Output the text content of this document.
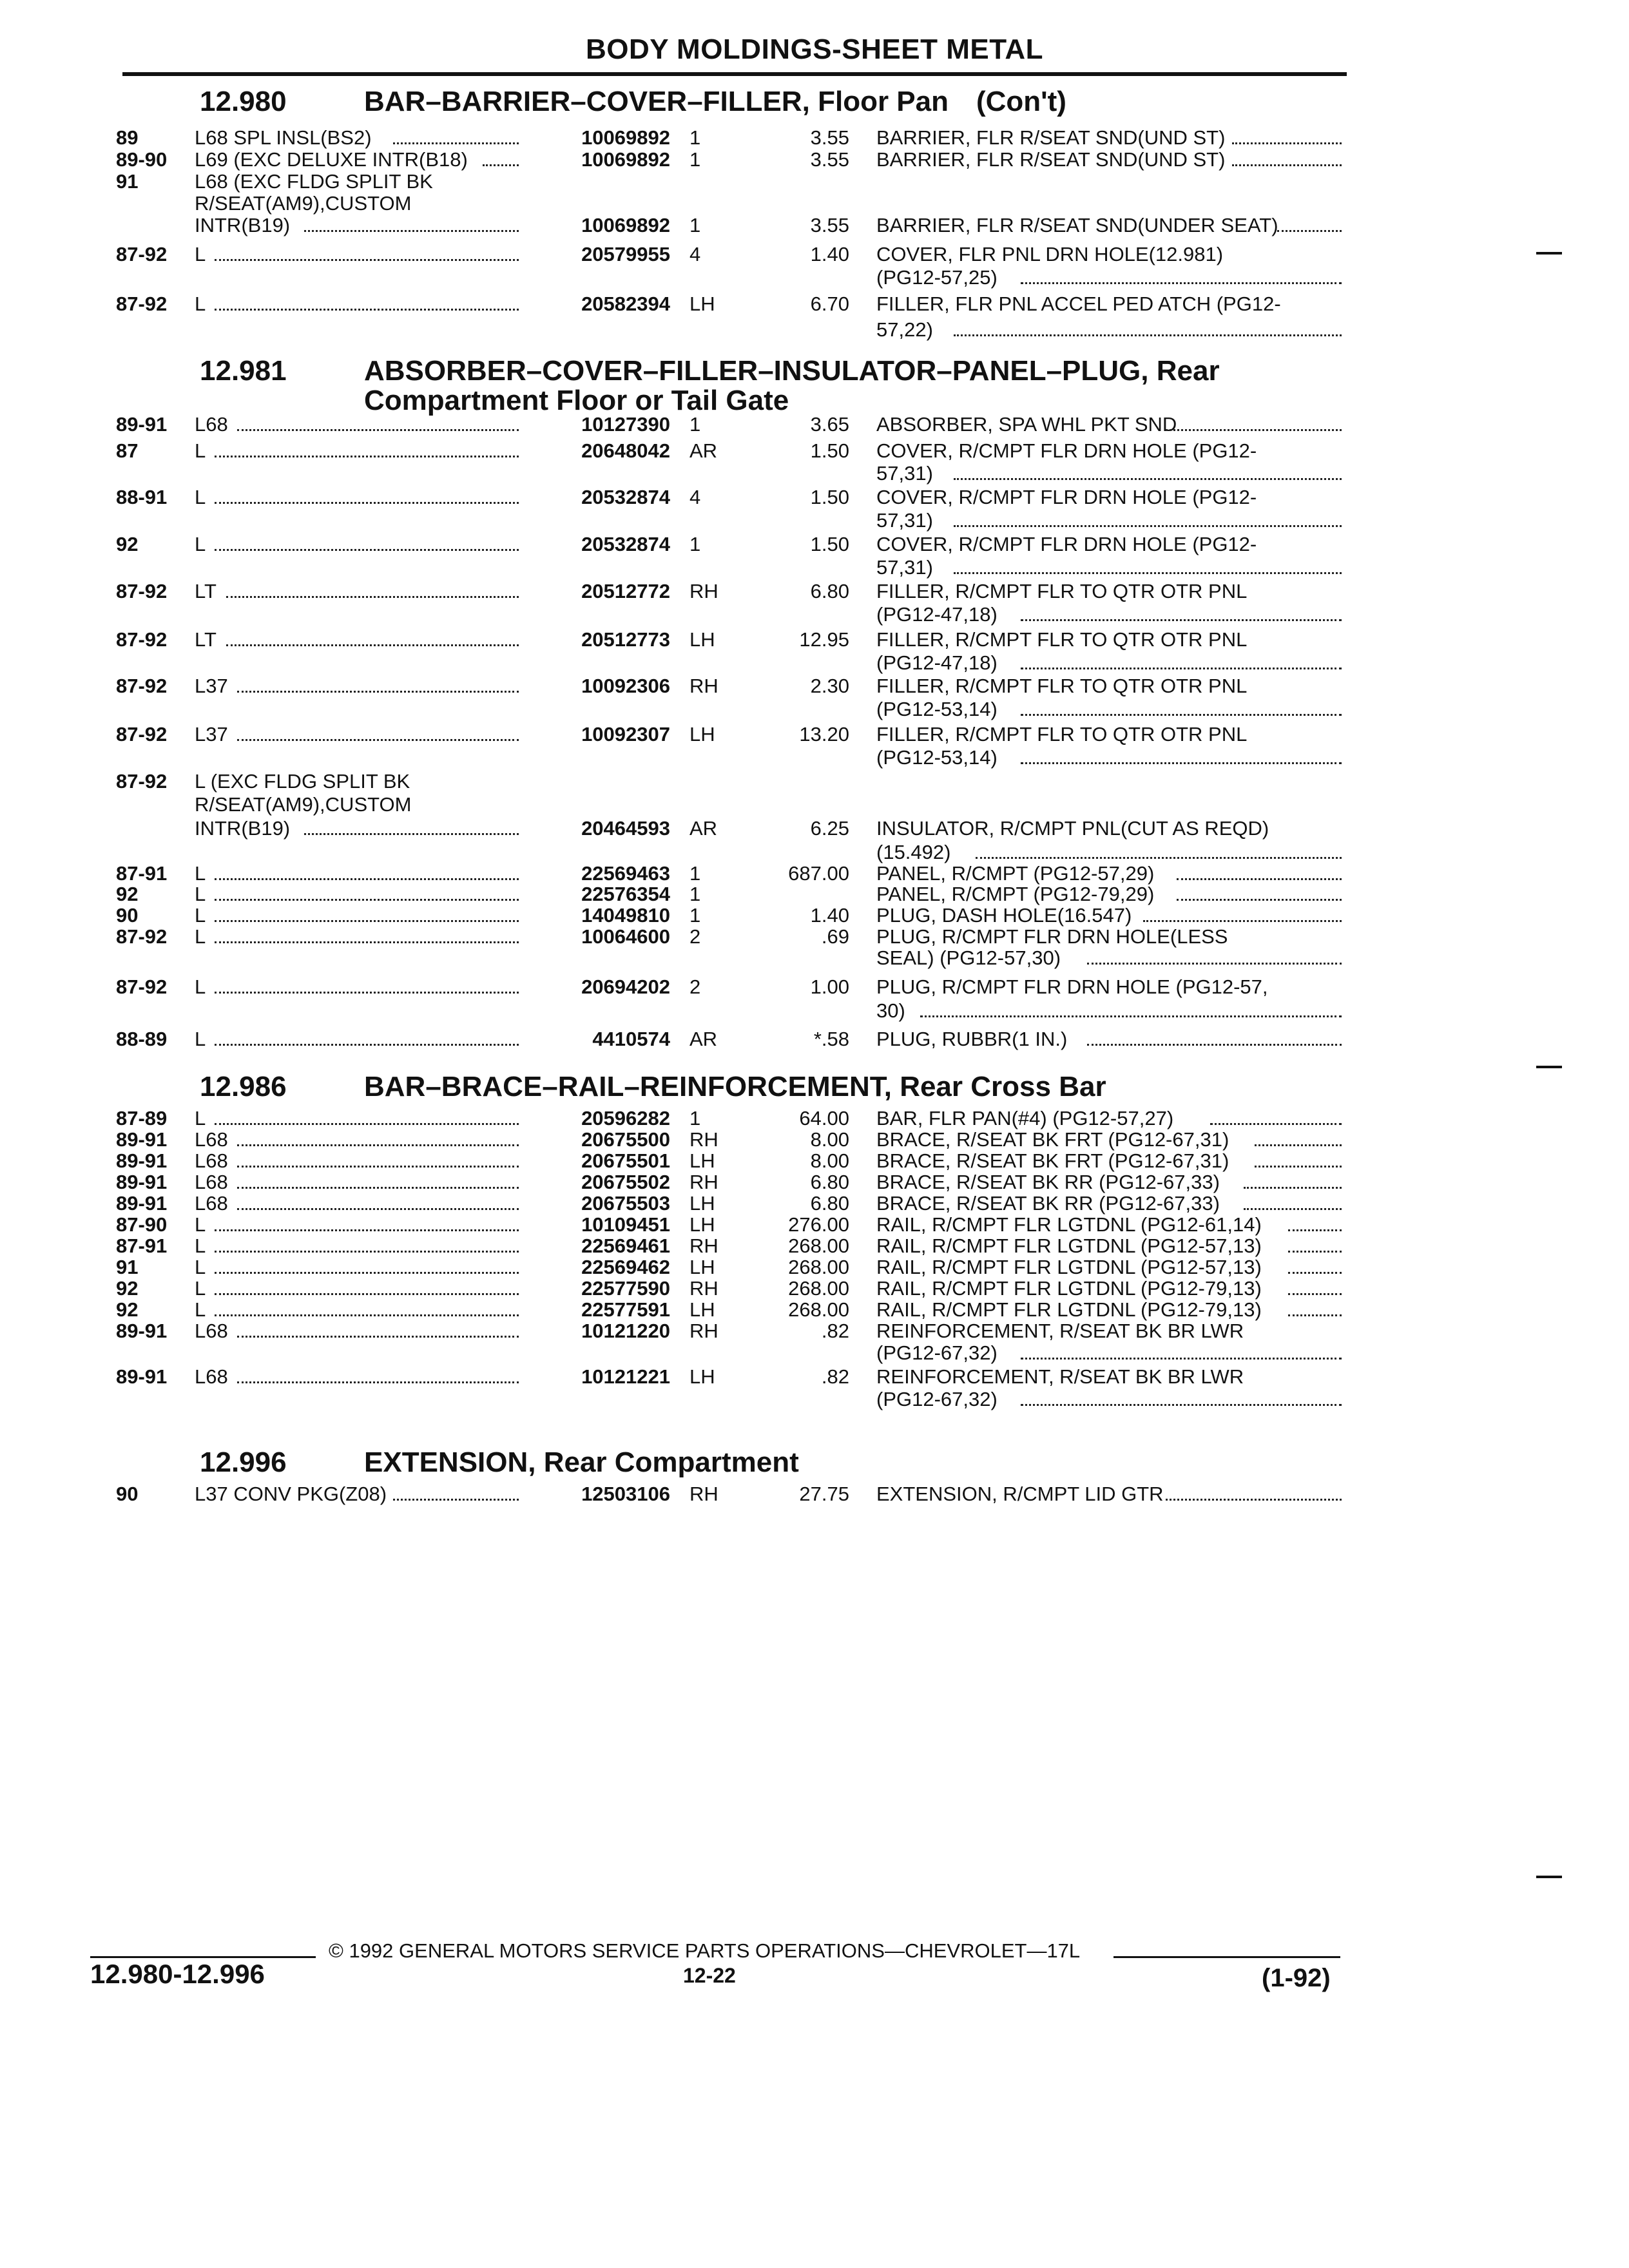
BODY MOLDINGS-SHEET METAL
12.980	BAR–BARRIER–COVER–FILLER, Floor Pan (Con't)
89	L68 SPL INSL(BS2)	10069892 1	3.55 BARRIER, FLR R/SEAT SND(UND ST)
89-90 L69 (EXC DELUXE INTR(B18)	10069892 1	3.55 BARRIER, FLR R/SEAT SND(UND ST)
91	L68 (EXC FLDG SPLIT BK
R/SEAT(AM9),CUSTOM
INTR(B19)	10069892 1	3.55 BARRIER, FLR R/SEAT SND(UNDER SEAT)
87-92 L	20579955 4	1.40 COVER, FLR PNL DRN HOLE(12.981)
(PG12-57,25)
87-92 L	20582394 LH	6.70 FILLER, FLR PNL ACCEL PED ATCH (PG12-
57,22)
12.981	ABSORBER–COVER–FILLER–INSULATOR–PANEL–PLUG, Rear
Compartment Floor or Tail Gate
89-91 L68	10127390 1	3.65 ABSORBER, SPA WHL PKT SND
87	L	20648042 AR	1.50 COVER, R/CMPT FLR DRN HOLE (PG12-
57,31)
88-91 L	20532874 4	1.50 COVER, R/CMPT FLR DRN HOLE (PG12-
57,31)
92	L	20532874 1	1.50 COVER, R/CMPT FLR DRN HOLE (PG12-
57,31)
87-92 LT	20512772 RH	6.80 FILLER, R/CMPT FLR TO QTR OTR PNL
(PG12-47,18)
87-92 LT	20512773 LH	12.95 FILLER, R/CMPT FLR TO QTR OTR PNL
(PG12-47,18)
87-92 L37	10092306 RH	2.30 FILLER, R/CMPT FLR TO QTR OTR PNL
(PG12-53,14)
87-92 L37	10092307 LH	13.20 FILLER, R/CMPT FLR TO QTR OTR PNL
(PG12-53,14)
87-92 L (EXC FLDG SPLIT BK
R/SEAT(AM9),CUSTOM
INTR(B19)	20464593 AR	6.25 INSULATOR, R/CMPT PNL(CUT AS REQD)
(15.492)
87-91 L	22569463 1	687.00 PANEL, R/CMPT (PG12-57,29)
92	L	22576354 1	PANEL, R/CMPT (PG12-79,29)
90	L	14049810 1	1.40 PLUG, DASH HOLE(16.547)
87-92 L	10064600 2	.69 PLUG, R/CMPT FLR DRN HOLE(LESS
SEAL) (PG12-57,30)
87-92 L	20694202 2	1.00 PLUG, R/CMPT FLR DRN HOLE (PG12-57,
30)
88-89 L	4410574 AR	*.58 PLUG, RUBBR(1 IN.)
12.986	BAR–BRACE–RAIL–REINFORCEMENT, Rear Cross Bar
87-89 L	20596282 1	64.00 BAR, FLR PAN(#4) (PG12-57,27)
89-91 L68	20675500 RH	8.00 BRACE, R/SEAT BK FRT (PG12-67,31)
89-91 L68	20675501 LH	8.00 BRACE, R/SEAT BK FRT (PG12-67,31)
89-91 L68	20675502 RH	6.80 BRACE, R/SEAT BK RR (PG12-67,33)
89-91 L68	20675503 LH	6.80 BRACE, R/SEAT BK RR (PG12-67,33)
87-90 L	10109451 LH	276.00 RAIL, R/CMPT FLR LGTDNL (PG12-61,14)
87-91 L	22569461 RH	268.00 RAIL, R/CMPT FLR LGTDNL (PG12-57,13)
91	L	22569462 LH	268.00 RAIL, R/CMPT FLR LGTDNL (PG12-57,13)
92	L	22577590 RH	268.00 RAIL, R/CMPT FLR LGTDNL (PG12-79,13)
92	L	22577591 LH	268.00 RAIL, R/CMPT FLR LGTDNL (PG12-79,13)
89-91 L68	10121220 RH	.82 REINFORCEMENT, R/SEAT BK BR LWR
(PG12-67,32)
89-91 L68	10121221 LH	.82 REINFORCEMENT, R/SEAT BK BR LWR
(PG12-67,32)
12.996	EXTENSION, Rear Compartment
90	L37 CONV PKG(Z08)	12503106 RH	27.75 EXTENSION, R/CMPT LID GTR
© 1992 GENERAL MOTORS SERVICE PARTS OPERATIONS—CHEVROLET—17L
12.980-12.996	12-22	(1-92)
